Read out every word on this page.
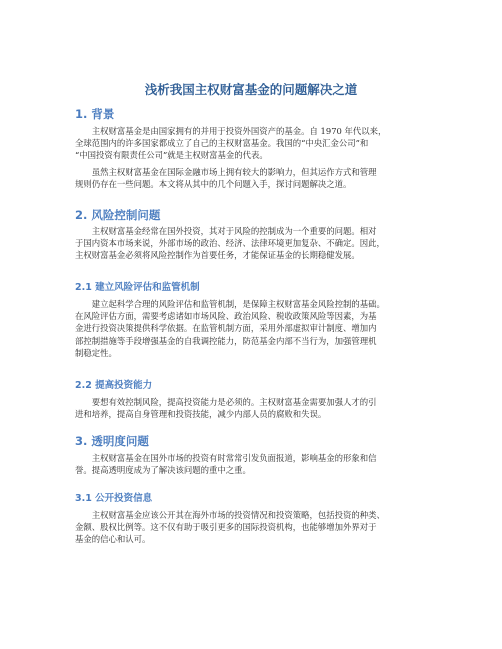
浅析我国主权财富基金的问题解决之道
1. 背景
　　主权财富基金是由国家拥有的并用于投资外国资产的基金。自 1970 年代以来，
全球范围内的许多国家都成立了自己的主权财富基金。我国的“中央汇金公司”和
“中国投资有限责任公司”就是主权财富基金的代表。
　　虽然主权财富基金在国际金融市场上拥有较大的影响力，但其运作方式和管理
规则仍存在一些问题。本文将从其中的几个问题入手，探讨问题解决之道。
2. 风险控制问题
　　主权财富基金经常在国外投资，其对于风险的控制成为一个重要的问题。相对
于国内资本市场来说，外部市场的政治、经济、法律环境更加复杂、不确定。因此，
主权财富基金必须将风险控制作为首要任务，才能保证基金的长期稳健发展。
2.1 建立风险评估和监管机制
　　建立起科学合理的风险评估和监管机制，是保障主权财富基金风险控制的基础。
在风险评估方面，需要考虑诸如市场风险、政治风险、税收政策风险等因素，为基
金进行投资决策提供科学依据。在监管机制方面，采用外部虚拟审计制度、增加内
部控制措施等手段增强基金的自我调控能力，防范基金内部不当行为，加强管理机
制稳定性。
2.2 提高投资能力
　　要想有效控制风险，提高投资能力是必须的。主权财富基金需要加强人才的引
进和培养，提高自身管理和投资技能，减少内部人员的腐败和失误。
3. 透明度问题
　　主权财富基金在国外市场的投资有时常常引发负面报道，影响基金的形象和信
誉。提高透明度成为了解决该问题的重中之重。
3.1 公开投资信息
　　主权财富基金应该公开其在海外市场的投资情况和投资策略，包括投资的种类、
金额、股权比例等。这不仅有助于吸引更多的国际投资机构，也能够增加外界对于
基金的信心和认可。
